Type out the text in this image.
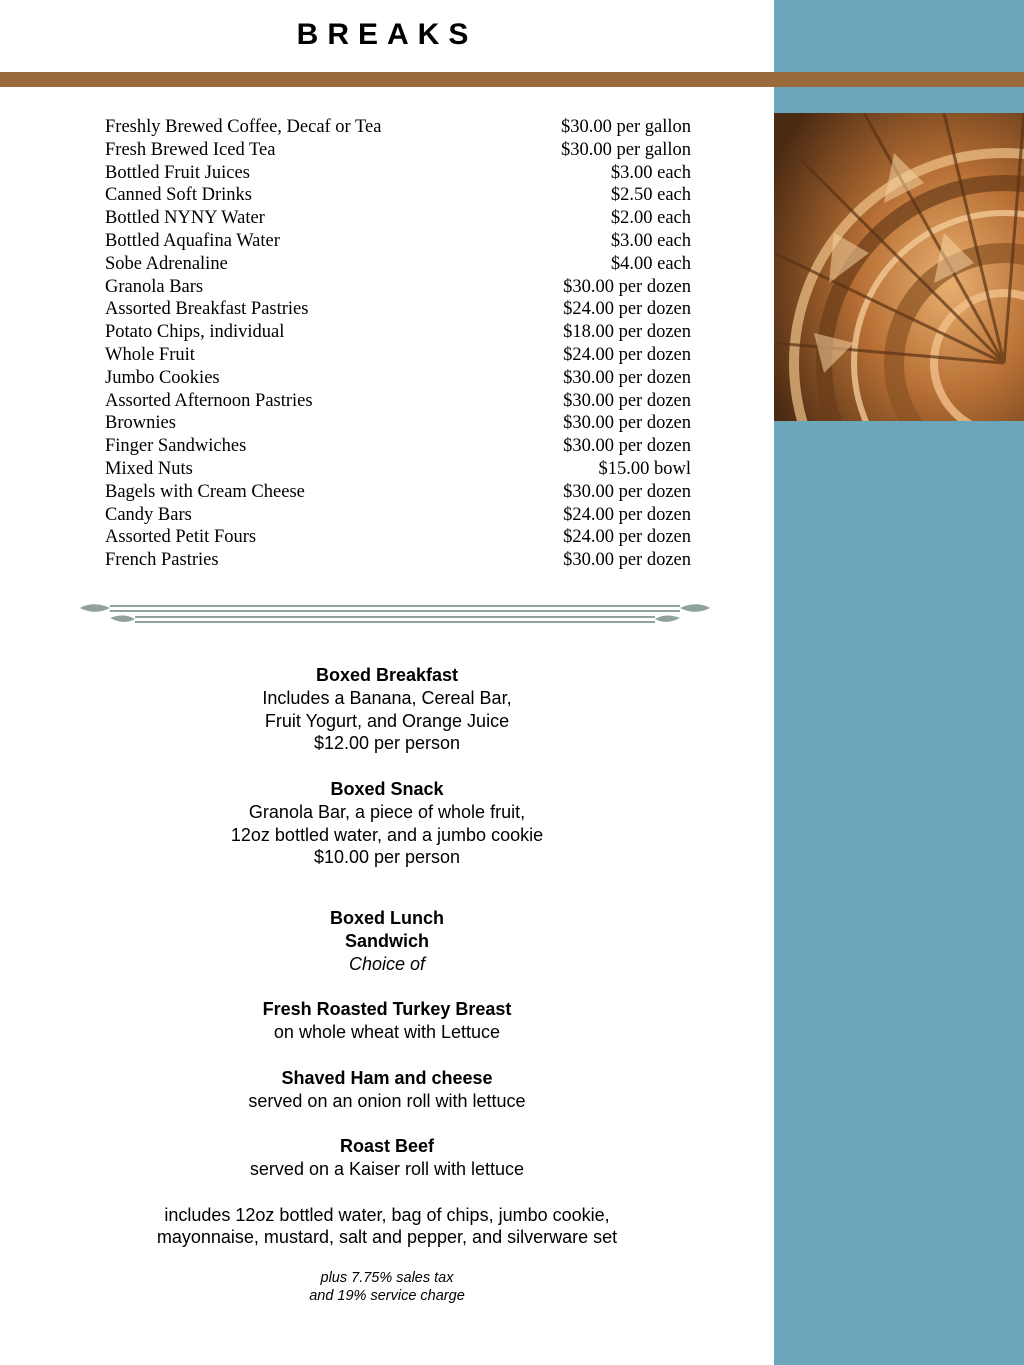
BREAKS
Freshly Brewed Coffee, Decaf or Tea	$30.00 per gallon
Fresh Brewed Iced Tea	$30.00 per gallon
Bottled Fruit Juices	$3.00 each
Canned Soft Drinks	$2.50 each
Bottled NYNY Water	$2.00 each
Bottled Aquafina Water	$3.00 each
Sobe Adrenaline	$4.00 each
Granola Bars	$30.00 per dozen
Assorted Breakfast Pastries	$24.00 per dozen
Potato Chips, individual	$18.00 per dozen
Whole Fruit	$24.00 per dozen
Jumbo Cookies	$30.00 per dozen
Assorted Afternoon Pastries	$30.00 per dozen
Brownies	$30.00 per dozen
Finger Sandwiches	$30.00 per dozen
Mixed Nuts	$15.00 bowl
Bagels with Cream Cheese	$30.00 per dozen
Candy Bars	$24.00 per dozen
Assorted Petit Fours	$24.00 per dozen
French Pastries	$30.00 per dozen
Boxed Breakfast
Includes a Banana, Cereal Bar,
Fruit Yogurt, and Orange Juice
$12.00 per person
Boxed Snack
Granola Bar, a piece of whole fruit,
12oz bottled water, and a jumbo cookie
$10.00 per person
Boxed Lunch
Sandwich
Choice of
Fresh Roasted Turkey Breast
on whole wheat with Lettuce
Shaved Ham and cheese
served on an onion roll with lettuce
Roast Beef
served on a Kaiser roll with lettuce
includes 12oz bottled water, bag of chips, jumbo cookie,
mayonnaise, mustard, salt and pepper, and silverware set
plus 7.75% sales tax
and 19% service charge
